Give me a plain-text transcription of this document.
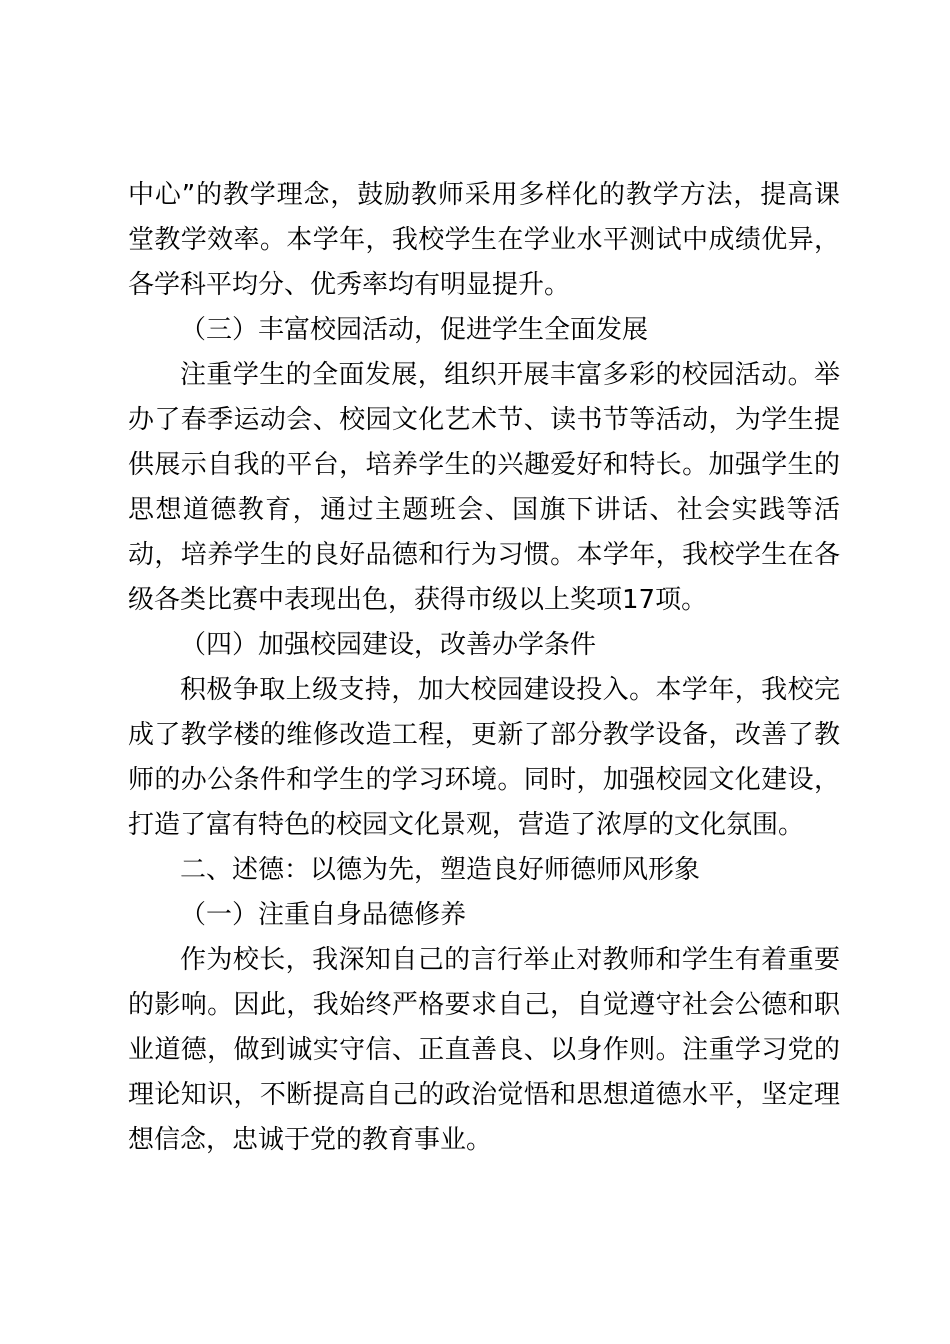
中心”的教学理念，鼓励教师采用多样化的教学方法，提高课堂教学效率。本学年，我校学生在学业水平测试中成绩优异，各学科平均分、优秀率均有明显提升。

（三）丰富校园活动，促进学生全面发展

注重学生的全面发展，组织开展丰富多彩的校园活动。举办了春季运动会、校园文化艺术节、读书节等活动，为学生提供展示自我的平台，培养学生的兴趣爱好和特长。加强学生的思想道德教育，通过主题班会、国旗下讲话、社会实践等活动，培养学生的良好品德和行为习惯。本学年，我校学生在各级各类比赛中表现出色，获得市级以上奖项17项。

（四）加强校园建设，改善办学条件

积极争取上级支持，加大校园建设投入。本学年，我校完成了教学楼的维修改造工程，更新了部分教学设备，改善了教师的办公条件和学生的学习环境。同时，加强校园文化建设，打造了富有特色的校园文化景观，营造了浓厚的文化氛围。

二、述德：以德为先，塑造良好师德师风形象

（一）注重自身品德修养

作为校长，我深知自己的言行举止对教师和学生有着重要的影响。因此，我始终严格要求自己，自觉遵守社会公德和职业道德，做到诚实守信、正直善良、以身作则。注重学习党的理论知识，不断提高自己的政治觉悟和思想道德水平，坚定理想信念，忠诚于党的教育事业。
